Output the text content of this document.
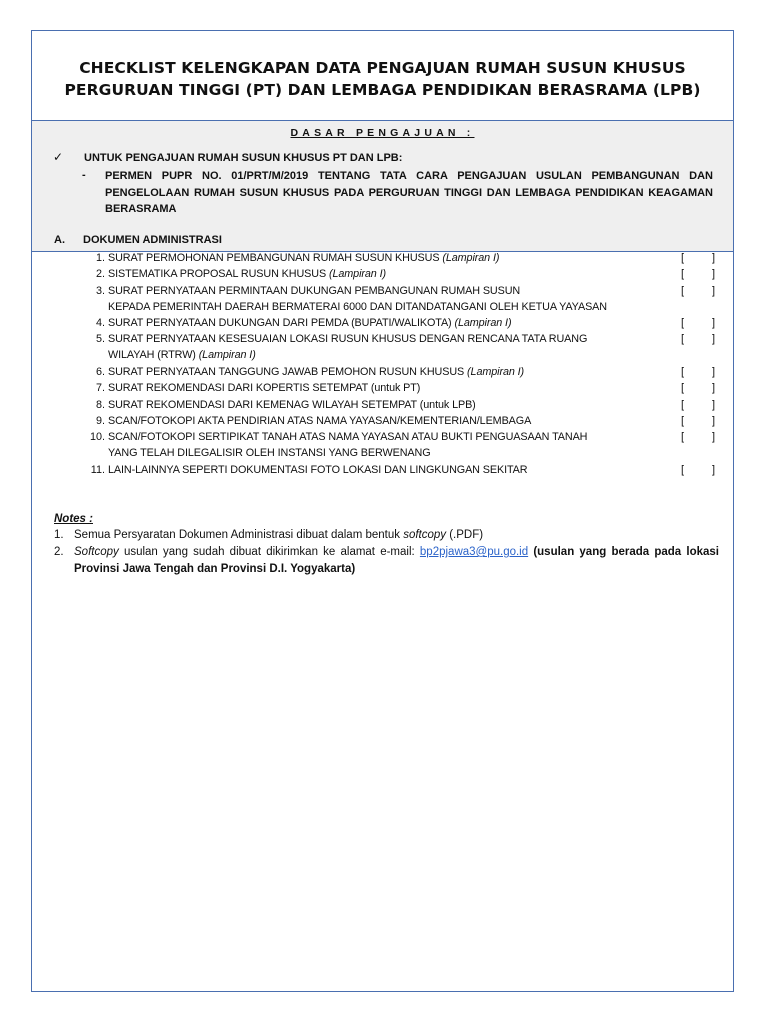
CHECKLIST KELENGKAPAN DATA PENGAJUAN RUMAH SUSUN KHUSUS
PERGURUAN TINGGI (PT) DAN LEMBAGA PENDIDIKAN BERASRAMA (LPB)
DASAR PENGAJUAN :
✓ UNTUK PENGAJUAN RUMAH SUSUN KHUSUS PT DAN LPB:
- PERMEN PUPR NO. 01/PRT/M/2019 TENTANG TATA CARA PENGAJUAN USULAN PEMBANGUNAN DAN PENGELOLAAN RUMAH SUSUN KHUSUS PADA PERGURUAN TINGGI DAN LEMBAGA PENDIDIKAN KEAGAMAN BERASRAMA
A. DOKUMEN ADMINISTRASI
1. SURAT PERMOHONAN PEMBANGUNAN RUMAH SUSUN KHUSUS (Lampiran I)	[	]
2. SISTEMATIKA PROPOSAL RUSUN KHUSUS (Lampiran I)	[	]
3. SURAT PERNYATAAN PERMINTAAN DUKUNGAN PEMBANGUNAN RUMAH SUSUN
KEPADA PEMERINTAH DAERAH BERMATERAI 6000 DAN DITANDATANGANI OLEH KETUA YAYASAN
[	]
4. SURAT PERNYATAAN DUKUNGAN DARI PEMDA (BUPATI/WALIKOTA) (Lampiran I)	[	]
5. SURAT PERNYATAAN KESESUAIAN LOKASI RUSUN KHUSUS DENGAN RENCANA TATA RUANG
WILAYAH (RTRW) (Lampiran I)
[	]
6. SURAT PERNYATAAN TANGGUNG JAWAB PEMOHON RUSUN KHUSUS (Lampiran I)	[	]
7. SURAT REKOMENDASI DARI KOPERTIS SETEMPAT (untuk PT)	[	]
8. SURAT REKOMENDASI DARI KEMENAG WILAYAH SETEMPAT (untuk LPB)	[	]
9. SCAN/FOTOKOPI AKTA PENDIRIAN ATAS NAMA YAYASAN/KEMENTERIAN/LEMBAGA	[	]
10. SCAN/FOTOKOPI SERTIPIKAT TANAH ATAS NAMA YAYASAN ATAU BUKTI PENGUASAAN TANAH
YANG TELAH DILEGALISIR OLEH INSTANSI YANG BERWENANG
[	]
11. LAIN-LAINNYA SEPERTI DOKUMENTASI FOTO LOKASI DAN LINGKUNGAN SEKITAR	[	]
Notes :
1. Semua Persyaratan Dokumen Administrasi dibuat dalam bentuk softcopy (.PDF)
2. Softcopy usulan yang sudah dibuat dikirimkan ke alamat e-mail: bp2pjawa3@pu.go.id (usulan yang berada pada lokasi Provinsi Jawa Tengah dan Provinsi D.I. Yogyakarta)
